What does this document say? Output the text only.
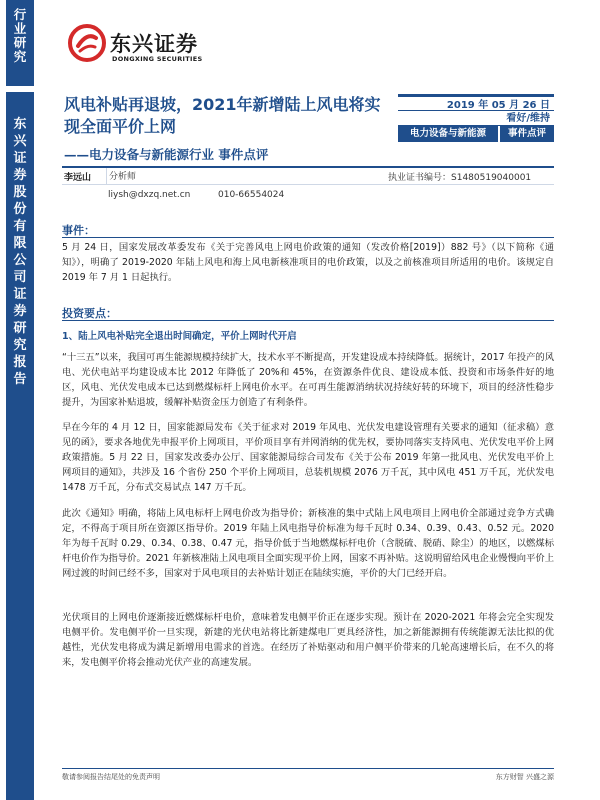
行
业
研
究
东
兴
证
券
股
份
有
限
公
司
证
券
研
究
报
告
东兴证券
DONGXING SECURITIES
风电补贴再退坡，2021年新增陆上风电将实现全面平价上网
——电力设备与新能源行业 事件点评
2019 年 05 月 26 日
看好/维持
电力设备与新能源	事件点评
李远山	分析师	执业证书编号：S1480519040001
liysh@dxzq.net.cn	010-66554024
事件：
5 月 24 日，国家发展改革委发布《关于完善风电上网电价政策的通知（发改价格[2019]）882 号》（以下简称《通知》），明确了 2019-2020 年陆上风电和海上风电新核准项目的电价政策，以及之前核准项目所适用的电价。该规定自 2019 年 7 月 1 日起执行。
投资要点：
1、陆上风电补贴完全退出时间确定，平价上网时代开启
“十三五”以来，我国可再生能源规模持续扩大，技术水平不断提高，开发建设成本持续降低。据统计，2017 年投产的风电、光伏电站平均建设成本比 2012 年降低了 20%和 45%，在资源条件优良、建设成本低、投资和市场条件好的地区，风电、光伏发电成本已达到燃煤标杆上网电价水平。在可再生能源消纳状况持续好转的环境下，项目的经济性稳步提升，为国家补贴退坡，缓解补贴资金压力创造了有利条件。
早在今年的 4 月 12 日，国家能源局发布《关于征求对 2019 年风电、光伏发电建设管理有关要求的通知（征求稿）意见的函》，要求各地优先申报平价上网项目，平价项目享有并网消纳的优先权，要协同落实支持风电、光伏发电平价上网政策措施。5 月 22 日，国家发改委办公厅、国家能源局综合司发布《关于公布 2019 年第一批风电、光伏发电平价上网项目的通知》，共涉及 16 个省份 250 个平价上网项目，总装机规模 2076 万千瓦，其中风电 451 万千瓦，光伏发电 1478 万千瓦，分布式交易试点 147 万千瓦。
此次《通知》明确，将陆上风电标杆上网电价改为指导价；新核准的集中式陆上风电项目上网电价全部通过竞争方式确定，不得高于项目所在资源区指导价。2019 年陆上风电指导价标准为每千瓦时 0.34、0.39、0.43、0.52 元。2020 年为每千瓦时 0.29、0.34、0.38、0.47 元，指导价低于当地燃煤标杆电价（含脱硫、脱硝、除尘）的地区，以燃煤标杆电价作为指导价。2021 年新核准陆上风电项目全面实现平价上网，国家不再补贴。这说明留给风电企业慢慢向平价上网过渡的时间已经不多，国家对于风电项目的去补贴计划正在陆续实施，平价的大门已经开启。
光伏项目的上网电价逐渐接近燃煤标杆电价，意味着发电侧平价正在逐步实现。预计在 2020-2021 年将会完全实现发电侧平价。发电侧平价一旦实现，新建的光伏电站将比新建煤电厂更具经济性，加之新能源拥有传统能源无法比拟的优越性，光伏发电将成为满足新增用电需求的首选。在经历了补贴驱动和用户侧平价带来的几轮高速增长后，在不久的将来，发电侧平价将会推动光伏产业的高速发展。
敬请参阅报告结尾处的免责声明	东方财智 兴盛之源
